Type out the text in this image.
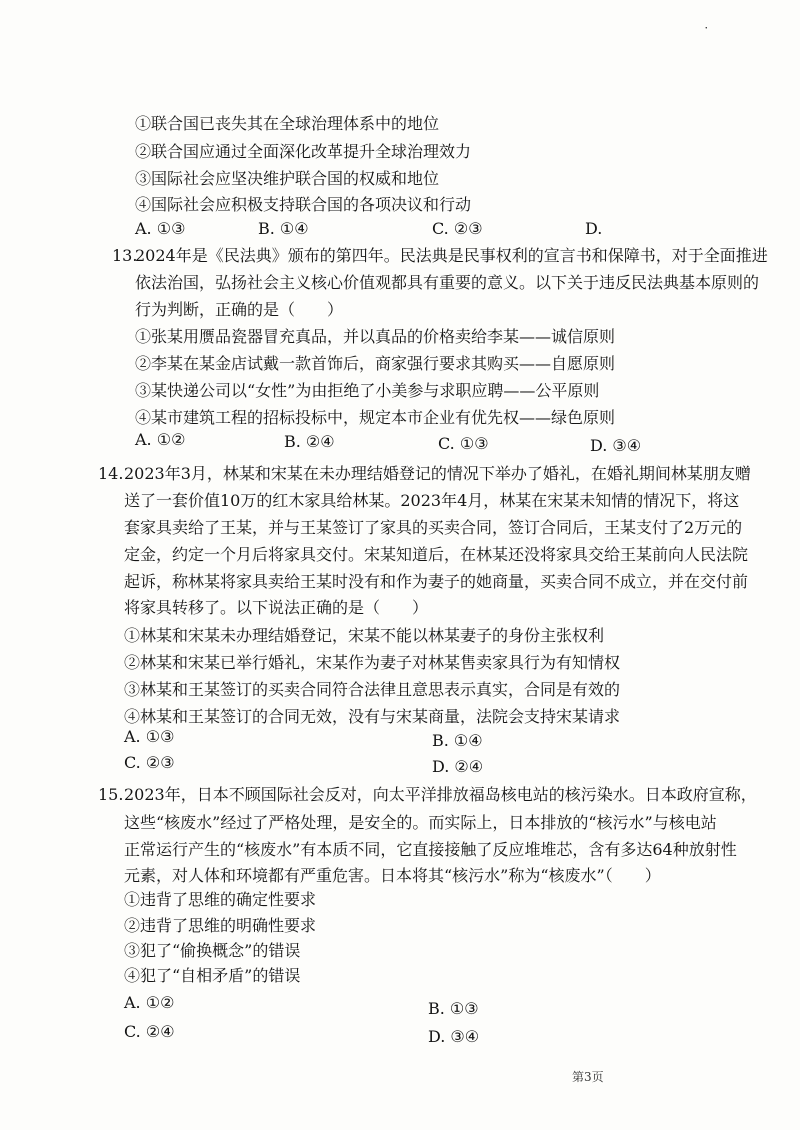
˙
①联合国已丧失其在全球治理体系中的地位
②联合国应通过全面深化改革提升全球治理效力
③国际社会应坚决维护联合国的权威和地位
④国际社会应积极支持联合国的各项决议和行动
A. ①③	B. ①④	C. ②③	D.
13.
2024年是《民法典》颁布的第四年。民法典是民事权利的宣言书和保障书，对于全面推进
依法治国，弘扬社会主义核心价值观都具有重要的意义。以下关于违反民法典基本原则的
行为判断，正确的是（　　）
①张某用赝品瓷器冒充真品，并以真品的价格卖给李某——诚信原则
②李某在某金店试戴一款首饰后，商家强行要求其购买——自愿原则
③某快递公司以“女性”为由拒绝了小美参与求职应聘——公平原则
④某市建筑工程的招标投标中，规定本市企业有优先权——绿色原则
A. ①②	B. ②④	C. ①③	D. ③④
14. 2023年3月，林某和宋某在未办理结婚登记的情况下举办了婚礼，在婚礼期间林某朋友赠
送了一套价值10万的红木家具给林某。2023年4月，林某在宋某未知情的情况下，将这
套家具卖给了王某，并与王某签订了家具的买卖合同，签订合同后，王某支付了2万元的
定金，约定一个月后将家具交付。宋某知道后，在林某还没将家具交给王某前向人民法院
起诉，称林某将家具卖给王某时没有和作为妻子的她商量，买卖合同不成立，并在交付前
将家具转移了。以下说法正确的是（　　）
①林某和宋某未办理结婚登记，宋某不能以林某妻子的身份主张权利
②林某和宋某已举行婚礼，宋某作为妻子对林某售卖家具行为有知情权
③林某和王某签订的买卖合同符合法律且意思表示真实，合同是有效的
④林某和王某签订的合同无效，没有与宋某商量，法院会支持宋某请求
A. ①③	B. ①④
C. ②③	D. ②④
15. 2023年，日本不顾国际社会反对，向太平洋排放福岛核电站的核污染水。日本政府宣称，
这些“核废水”经过了严格处理，是安全的。而实际上，日本排放的“核污水”与核电站
正常运行产生的“核废水”有本质不同，它直接接触了反应堆堆芯，含有多达64种放射性
元素，对人体和环境都有严重危害。日本将其“核污水”称为“核废水”（　　）
①违背了思维的确定性要求
②违背了思维的明确性要求
③犯了“偷换概念”的错误
④犯了“自相矛盾”的错误
A. ①②	B. ①③
C. ②④	D. ③④
第3页
